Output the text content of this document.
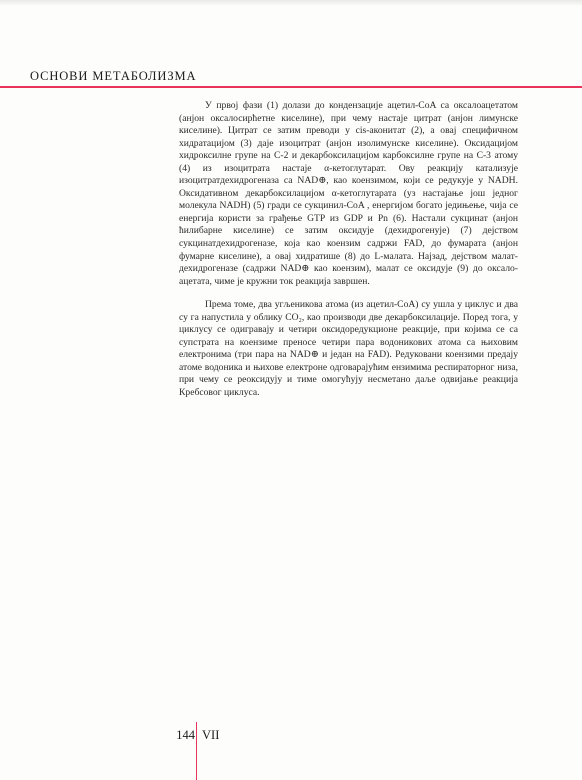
ОСНОВИ МЕТАБОЛИЗМА

У првој фази (1) долази до кондензације ацетил-CoA са оксалоацетатом (анјон оксалосирћетне киселине), при чему настаје цитрат (анјон лимунске киселине). Цитрат се затим преводи у cis-аконитат (2), а овај специфичном хидратацијом (3) даје изоцитрат (анјон изолимунске киселине). Оксидацијом хидроксилне групе на C-2 и декарбоксилацијом карбоксилне групе на C-3 атому (4) из изоцитрата настаје α-кетоглутарат. Ову реакцију катализује изоцитратдехидрогеназа са NAD⊕, као коензимом, који се редукује у NADH. Оксидативном декарбоксилацијом α-кетоглутарата (уз настајање још једног молекула NADH) (5) гради се сукцинил-CoA , енергијом богато једињење, чија се енергија користи за грађење GTP из GDP и Pn (6). Настали сукцинат (анјон ћилибарне киселине) се затим оксидује (дехидрогенује) (7) дејством сукцинатдехидрогеназе, која као коензим садржи FAD, до фумарата (анјон фумарне киселине), а овај хидратише (8) до L-малата. Најзад, дејством малат-дехидрогеназе (садржи NAD⊕ као коензим), малат се оксидује (9) до оксало-ацетата, чиме је кружни ток реакција завршен.

Према томе, два угљеникова атома (из ацетил-CoA) су ушла у циклус и два су га напустила у облику CO₂, као производи две декарбоксилације. Поред тога, у циклусу се одигравају и четири оксидоредукционе реакције, при којима се са супстрата на коензиме преносе четири пара водоникових атома са њиховим електронима (три пара на NAD⊕ и један на FAD). Редуковани коензими предају атоме водоника и њихове електроне одговарајућим ензимима респираторног низа, при чему се реоксидују и тиме омогућују несметано даље одвијање реакција Кребсовог циклуса.

144 VII
